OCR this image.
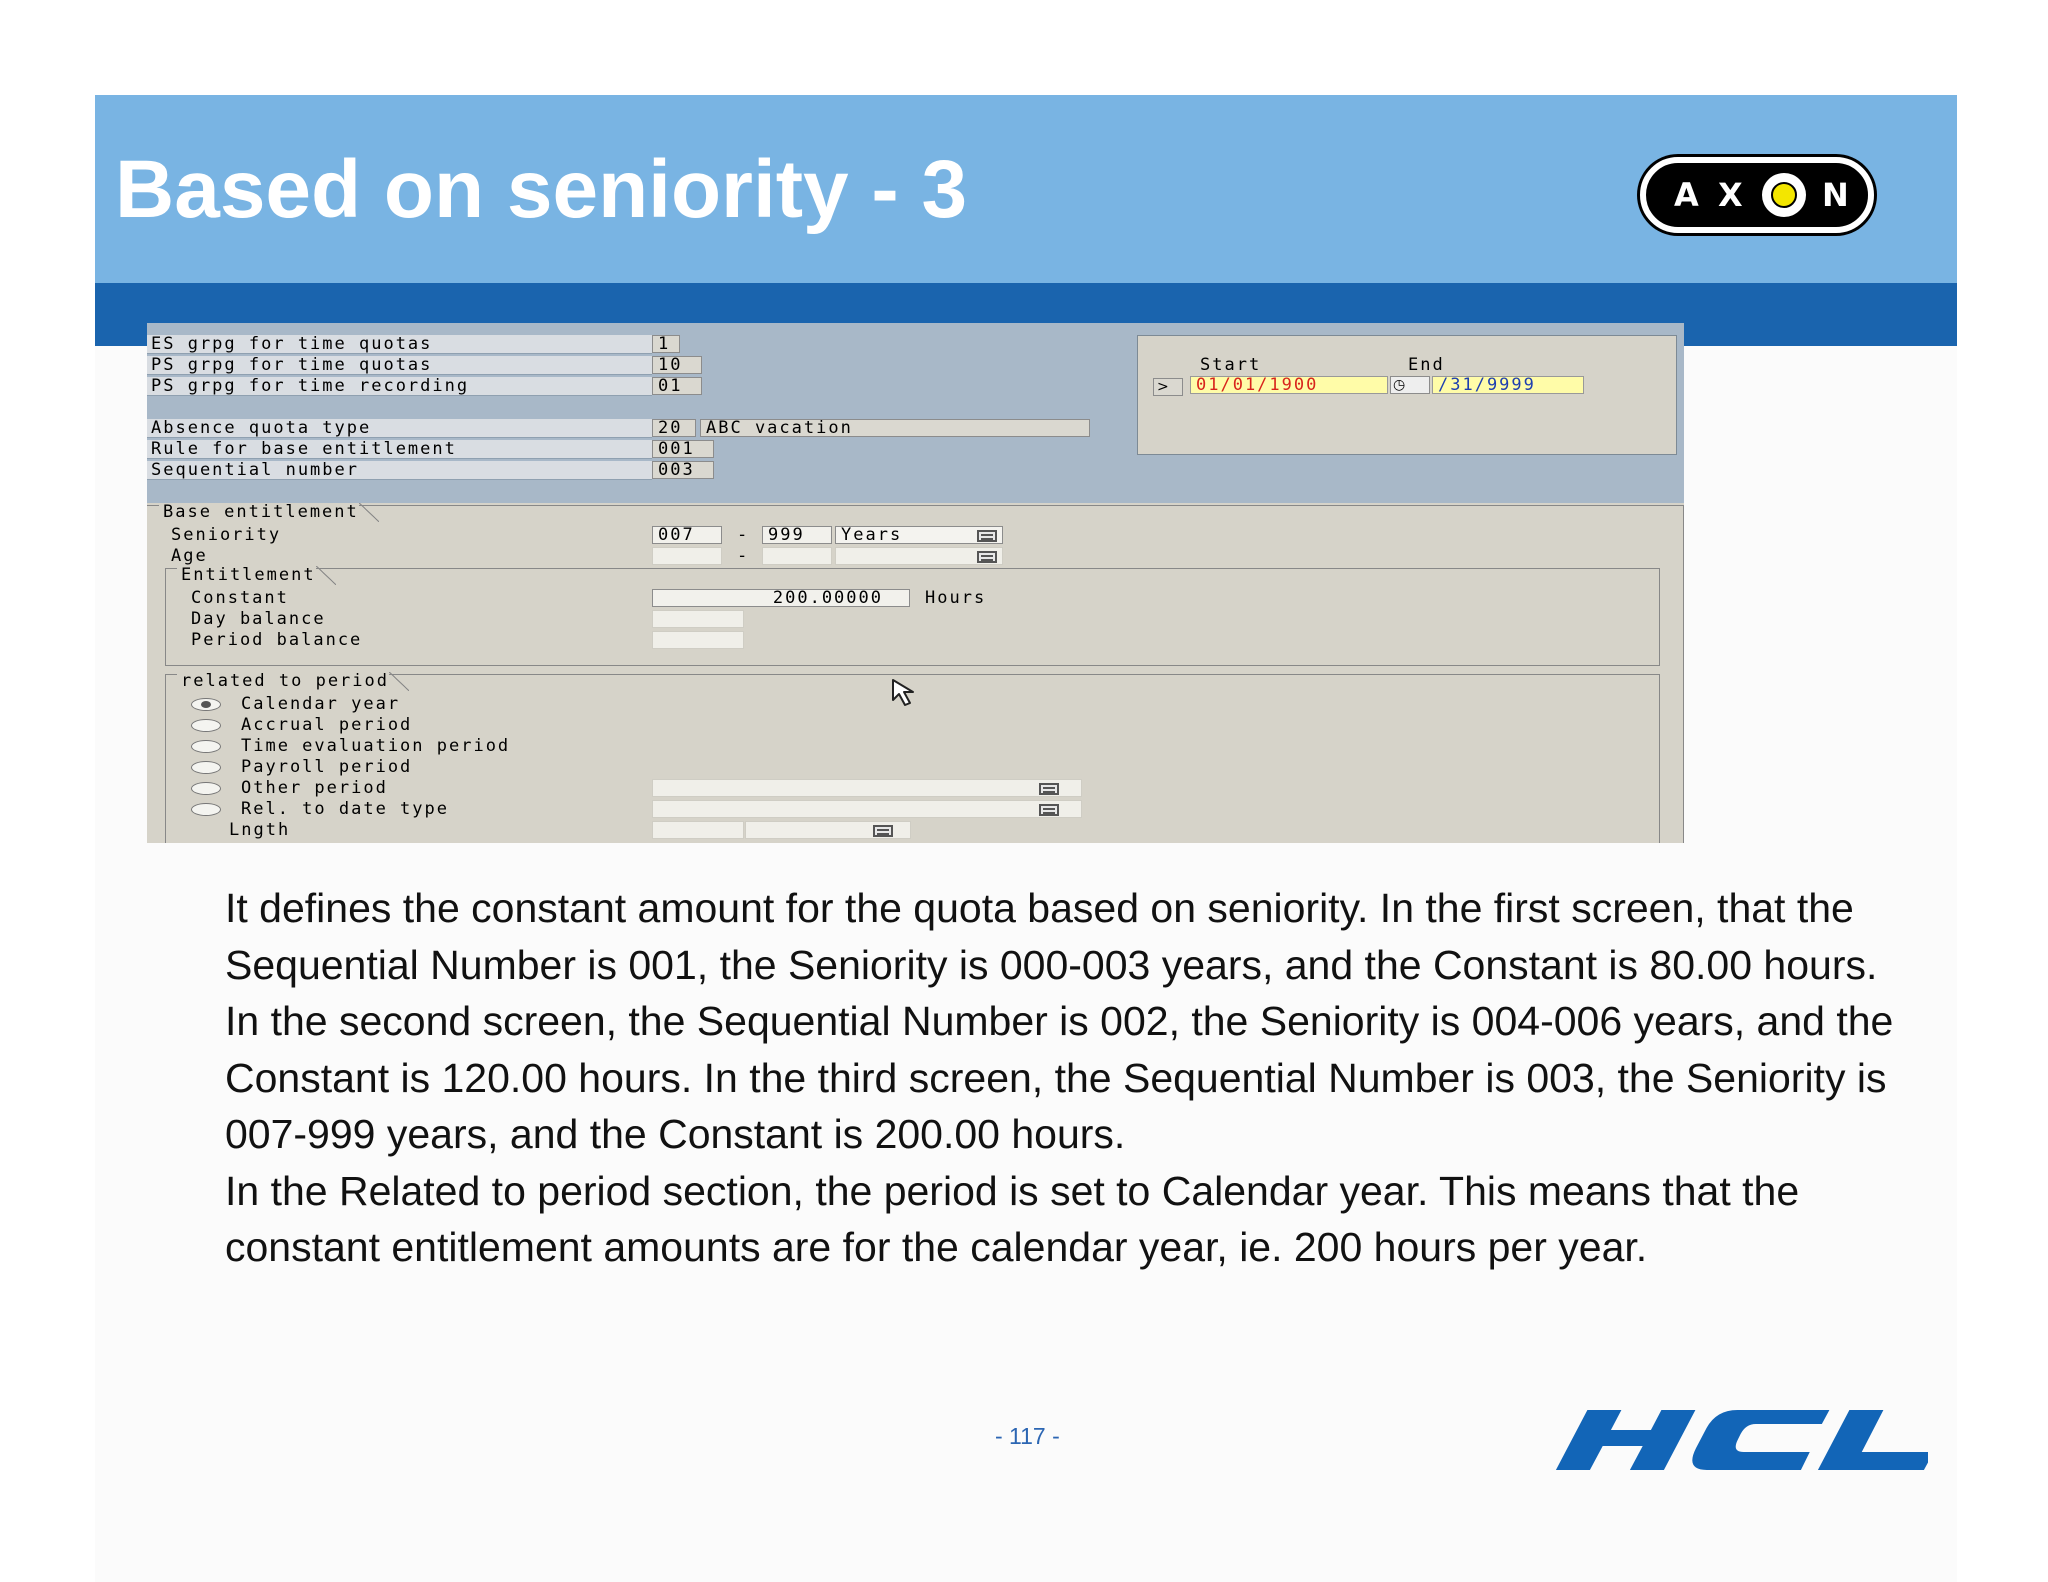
Based on seniority - 3	A X N
ES grpg for time quotas	1
PS grpg for time quotas	10
PS grpg for time recording	01
Absence quota type	20	ABC vacation
Rule for base entitlement	001
Sequential number	003
Start	End
>	01/01/1900	◷	/31/9999
Base entitlement
Seniority	007	-	999	Years
Age	-
Entitlement
Constant	200.00000	Hours
Day balance
Period balance
related to period
Calendar year
Accrual period
Time evaluation period
Payroll period
Other period
Rel. to date type
Lngth

It defines the constant amount for the quota based on seniority. In the first screen, that the Sequential Number is 001, the Seniority is 000-003 years, and the Constant is 80.00 hours. In the second screen, the Sequential Number is 002, the Seniority is 004-006 years, and the Constant is 120.00 hours. In the third screen, the Sequential Number is 003, the Seniority is 007-999 years, and the Constant is 200.00 hours.

In the Related to period section, the period is set to Calendar year. This means that the constant entitlement amounts are for the calendar year, ie. 200 hours per year.

- 117 -
